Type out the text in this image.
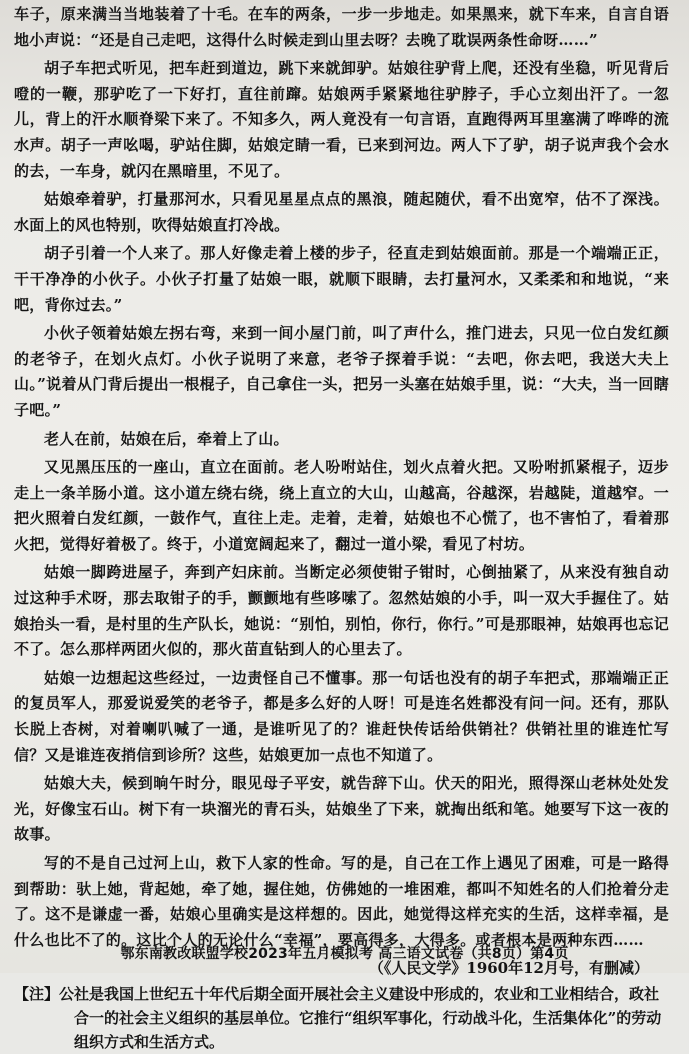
车子，原来满当当地装着了十毛。在车的两条，一步一步地走。如果黑来，就下车来，自言自语地小声说：“还是自己走吧，这得什么时候走到山里去呀？去晚了耽误两条性命呀……”

胡子车把式听见，把车赶到道边，跳下来就卸驴。姑娘往驴背上爬，还没有坐稳，听见背后噔的一鞭，那驴吃了一下好打，直往前蹿。姑娘两手紧紧地往驴脖子，手心立刻出汗了。一忽儿，背上的汗水顺脊梁下来了。不知多久，两人竟没有一句言语，直跑得两耳里塞满了哗哗的流水声。胡子一声吆喝，驴站住脚，姑娘定睛一看，已来到河边。两人下了驴，胡子说声我个会水的去，一车身，就闪在黑暗里，不见了。

姑娘牵着驴，打量那河水，只看见星星点点的黑浪，随起随伏，看不出宽窄，估不了深浅。水面上的风也特别，吹得姑娘直打冷战。

胡子引着一个人来了。那人好像走着上楼的步子，径直走到姑娘面前。那是一个端端正正，干干净净的小伙子。小伙子打量了姑娘一眼，就顺下眼睛，去打量河水，又柔柔和和地说，“来吧，背你过去。”

小伙子领着姑娘左拐右弯，来到一间小屋门前，叫了声什么，推门进去，只见一位白发红颜的老爷子，在划火点灯。小伙子说明了来意，老爷子探着手说：“去吧，你去吧，我送大夫上山。”说着从门背后提出一根棍子，自己拿住一头，把另一头塞在姑娘手里，说：“大夫，当一回瞎子吧。”

老人在前，姑娘在后，牵着上了山。

又见黑压压的一座山，直立在面前。老人吩咐站住，划火点着火把。又吩咐抓紧棍子，迈步走上一条羊肠小道。这小道左绕右绕，绕上直立的大山，山越高，谷越深，岩越陡，道越窄。一把火照着白发红颜，一鼓作气，直往上走。走着，走着，姑娘也不心慌了，也不害怕了，看着那火把，觉得好着极了。终于，小道宽阔起来了，翻过一道小梁，看见了村坊。

姑娘一脚跨进屋子，奔到产妇床前。当断定必须使钳子钳时，心倒抽紧了，从来没有独自动过这种手术呀，那去取钳子的手，颤颤地有些哆嗦了。忽然姑娘的小手，叫一双大手握住了。姑娘抬头一看，是村里的生产队长，她说：“别怕，别怕，你行，你行。”可是那眼神，姑娘再也忘记不了。怎么那样两团火似的，那火苗直钻到人的心里去了。

姑娘一边想起这些经过，一边责怪自己不懂事。那一句话也没有的胡子车把式，那端端正正的复员军人，那爱说爱笑的老爷子，都是多么好的人呀！可是连名姓都没有问一问。还有，那队长脱上杏树，对着喇叭喊了一通，是谁听见了的？谁赶快传话给供销社？供销社里的谁连忙写信？又是谁连夜捎信到诊所？这些，姑娘更加一点也不知道了。

姑娘大夫，候到晌午时分，眼见母子平安，就告辞下山。伏天的阳光，照得深山老林处处发光，好像宝石山。树下有一块溜光的青石头，姑娘坐了下来，就掏出纸和笔。她要写下这一夜的故事。

写的不是自己过河上山，救下人家的性命。写的是，自己在工作上遇见了困难，可是一路得到帮助：驮上她，背起她，牵了她，握住她，仿佛她的一堆困难，都叫不知姓名的人们抢着分走了。这不是谦虚一番，姑娘心里确实是这样想的。因此，她觉得这样充实的生活，这样幸福，是什么也比不了的。这比个人的无论什么“幸福”，要高得多，大得多。或者根本是两种东西……

（《人民文学》1960年12月号，有删减）

【注】公社是我国上世纪五十年代后期全面开展社会主义建设中形成的，农业和工业相结合，政社合一的社会主义组织的基层单位。它推行“组织军事化，行动战斗化，生活集体化”的劳动组织方式和生活方式。

鄂东南教改联盟学校2023年五月模拟考 高三语文试卷（共8页）第4页
